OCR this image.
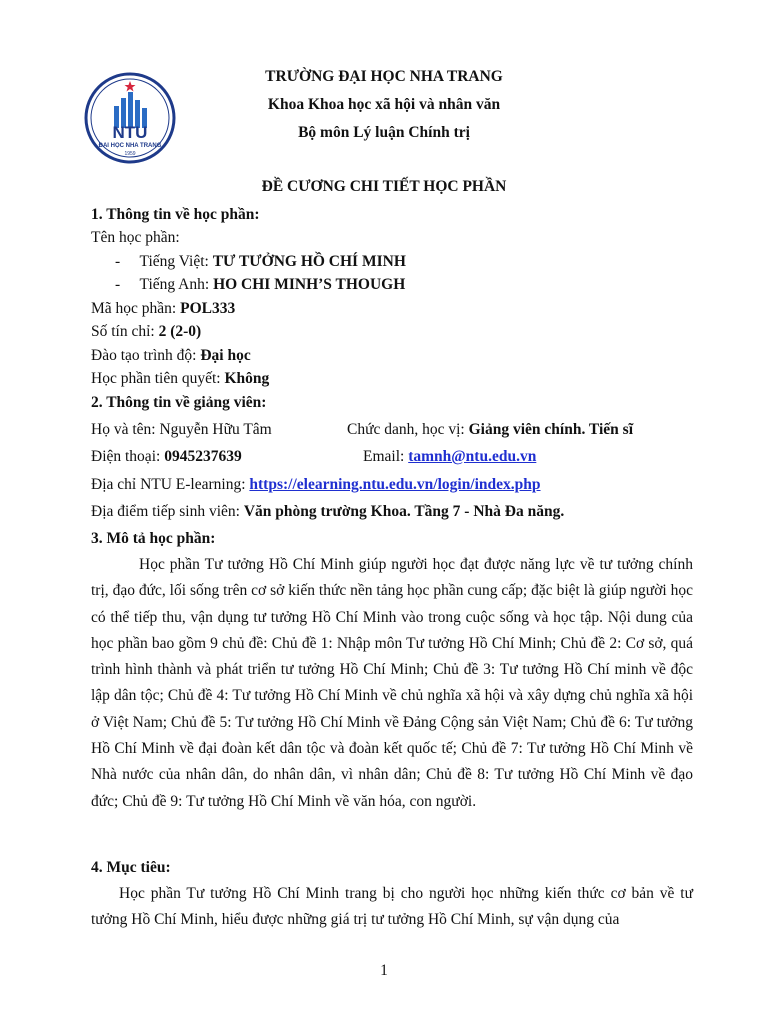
NTU
ĐẠI HỌC NHA TRANG
1959
TRƯỜNG ĐẠI HỌC NHA TRANG
Khoa Khoa học xã hội và nhân văn
Bộ môn Lý luận Chính trị
ĐỀ CƯƠNG CHI TIẾT HỌC PHẦN
1. Thông tin về học phần:
Tên học phần:
-     Tiếng Việt: TƯ TƯỞNG HỒ CHÍ MINH
-     Tiếng Anh: HO CHI MINH’S THOUGH
Mã học phần: POL333
Số tín chỉ: 2 (2-0)
Đào tạo trình độ: Đại học
Học phần tiên quyết: Không
2. Thông tin về giảng viên:
Họ và tên: Nguyễn Hữu Tâm	Chức danh, học vị: Giảng viên chính. Tiến sĩ
Điện thoại: 0945237639	Email: tamnh@ntu.edu.vn
Địa chỉ NTU E-learning: https://elearning.ntu.edu.vn/login/index.php
Địa điểm tiếp sinh viên: Văn phòng trường Khoa. Tầng 7 - Nhà Đa năng.
3. Mô tả học phần:
Học phần Tư tưởng Hồ Chí Minh giúp người học đạt được năng lực về tư tưởng chính trị, đạo đức, lối sống trên cơ sở kiến thức nền tảng học phần cung cấp; đặc biệt là giúp người học có thể tiếp thu, vận dụng tư tưởng Hồ Chí Minh vào trong cuộc sống và học tập. Nội dung của học phần bao gồm 9 chủ đề: Chủ đề 1: Nhập môn Tư tưởng Hồ Chí Minh; Chủ đề 2: Cơ sở, quá trình hình thành và phát triển tư tưởng Hồ Chí Minh; Chủ đề 3: Tư tưởng Hồ Chí minh về độc lập dân tộc; Chủ đề 4: Tư tưởng Hồ Chí Minh về chủ nghĩa xã hội và xây dựng chủ nghĩa xã hội ở Việt Nam; Chủ đề 5: Tư tưởng Hồ Chí Minh về Đảng Cộng sản Việt Nam; Chủ đề 6: Tư tưởng Hồ Chí Minh về đại đoàn kết dân tộc và đoàn kết quốc tế; Chủ đề 7: Tư tưởng Hồ Chí Minh về Nhà nước của nhân dân, do nhân dân, vì nhân dân; Chủ đề 8: Tư tưởng Hồ Chí Minh về đạo đức; Chủ đề 9: Tư tưởng Hồ Chí Minh về văn hóa, con người.
4. Mục tiêu:
Học phần Tư tưởng Hồ Chí Minh trang bị cho người học những kiến thức cơ bản về tư tưởng Hồ Chí Minh, hiểu được những giá trị tư tưởng Hồ Chí Minh, sự vận dụng của
1
